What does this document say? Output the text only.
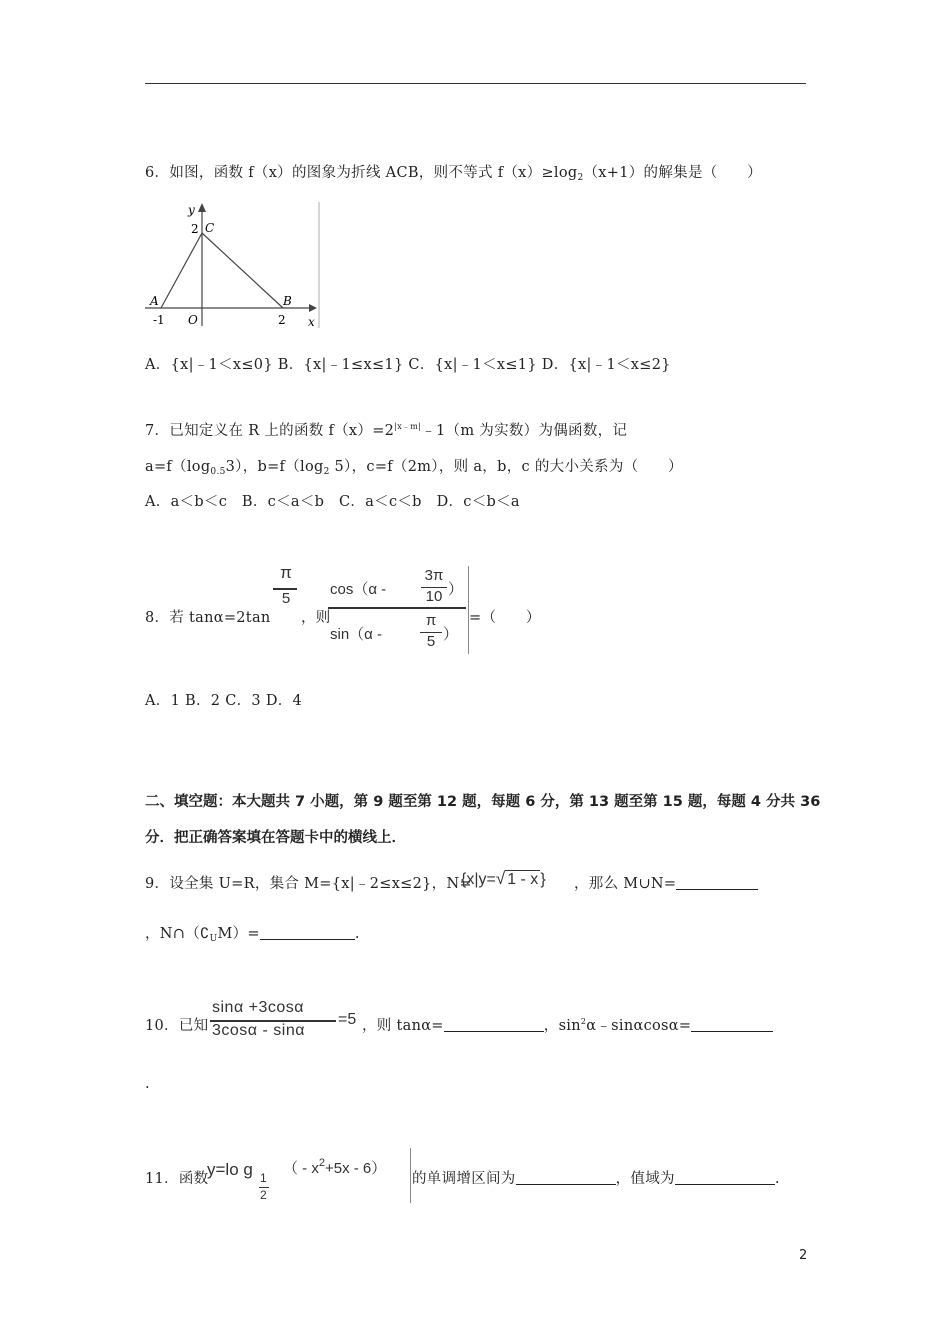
6．如图，函数 f（x）的图象为折线 ACB，则不等式 $f(x)\ge\log_2(x+1)$的解集是（　　）
y
2 C
A	B
-1 O	2 x
A．{x|﹣1＜x≤0} B．{x|﹣1≤x≤1} C．{x|﹣1＜x≤1} D．{x|﹣1＜x≤2}
7．已知定义在 R 上的函数 $f(x)=2^{|x﹣m|}﹣1(m$ 为实数）为偶函数，记
$a=f(\log_{0.5}3)$，$b=f(\log_2$ 5），c=f（2m），则 a，b，c 的大小关系为（　　）
A．a＜b＜c　B．c＜a＜b　C．a＜c＜b　D．c＜b＜a
8．若 tanα=2tan
π
5
，则
cos（α -
3π
10 ）
sin（α -
π
5 ）
=（　　）
A．1 B．2 C．3 D．4
二、填空题：本大题共 7 小题，第 9 题至第 12 题，每题 6 分，第 13 题至第 15 题，每题 4 分共 36
分．把正确答案填在答题卡中的横线上．
9．设全集 U=R，集合 M={x|﹣2≤x≤2}，N=
{x|y=√ 1 - x } ，那么 M∪N=
，$N\cap(∁_UM)=$	.
10．已知
sinα +3cosα
3cosα - sinα
=5 ，则 tanα=	，$\sin^2\alpha﹣\sin\alpha\cos\alpha=$
.
11．函数
y=lo g 1
2
（ - $x^2+5x - 6$）
的单调增区间为	，值域为	.
2
